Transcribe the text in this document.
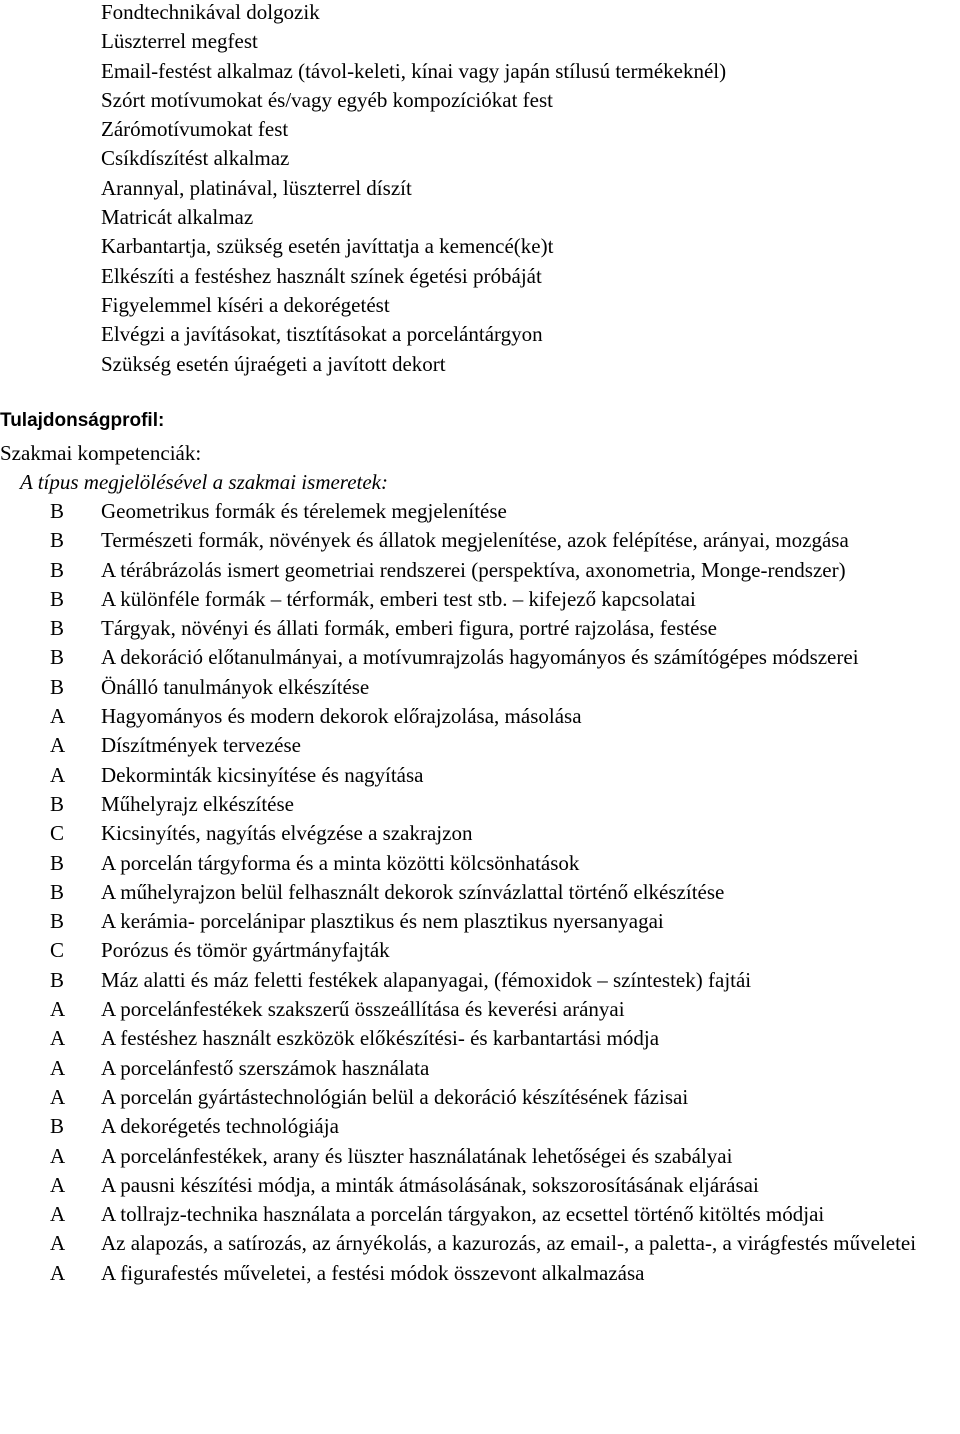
Fondtechnikával dolgozik
Lüszterrel megfest
Email-festést alkalmaz (távol-keleti, kínai vagy japán stílusú termékeknél)
Szórt motívumokat és/vagy egyéb kompozíciókat fest
Zárómotívumokat fest
Csíkdíszítést alkalmaz
Arannyal, platinával, lüszterrel díszít
Matricát alkalmaz
Karbantartja, szükség esetén javíttatja a kemencé(ke)t
Elkészíti a festéshez használt színek égetési próbáját
Figyelemmel kíséri a dekorégetést
Elvégzi a javításokat, tisztításokat a porcelántárgyon
Szükség esetén újraégeti a javított dekort
Tulajdonságprofil:
Szakmai kompetenciák:
A típus megjelölésével a szakmai ismeretek:
B Geometrikus formák és térelemek megjelenítése
B Természeti formák, növények és állatok megjelenítése, azok felépítése, arányai, mozgása
B A térábrázolás ismert geometriai rendszerei (perspektíva, axonometria, Monge-rendszer)
B A különféle formák – térformák, emberi test stb. – kifejező kapcsolatai
B Tárgyak, növényi és állati formák, emberi figura, portré rajzolása, festése
B A dekoráció előtanulmányai, a motívumrajzolás hagyományos és számítógépes módszerei
B Önálló tanulmányok elkészítése
A Hagyományos és modern dekorok előrajzolása, másolása
A Díszítmények tervezése
A Dekorminták kicsinyítése és nagyítása
B Műhelyrajz elkészítése
C Kicsinyítés, nagyítás elvégzése a szakrajzon
B A porcelán tárgyforma és a minta közötti kölcsönhatások
B A műhelyrajzon belül felhasznált dekorok színvázlattal történő elkészítése
B A kerámia- porcelánipar plasztikus és nem plasztikus nyersanyagai
C Porózus és tömör gyártmányfajták
B Máz alatti és máz feletti festékek alapanyagai, (fémoxidok – színtestek) fajtái
A A porcelánfestékek szakszerű összeállítása és keverési arányai
A A festéshez használt eszközök előkészítési- és karbantartási módja
A A porcelánfestő szerszámok használata
A A porcelán gyártástechnológián belül a dekoráció készítésének fázisai
B A dekorégetés technológiája
A A porcelánfestékek, arany és lüszter használatának lehetőségei és szabályai
A A pausni készítési módja, a minták átmásolásának, sokszorosításának eljárásai
A A tollrajz-technika használata a porcelán tárgyakon, az ecsettel történő kitöltés módjai
A Az alapozás, a satírozás, az árnyékolás, a kazurozás, az email-, a paletta-, a virágfestés műveletei
A A figurafestés műveletei, a festési módok összevont alkalmazása
